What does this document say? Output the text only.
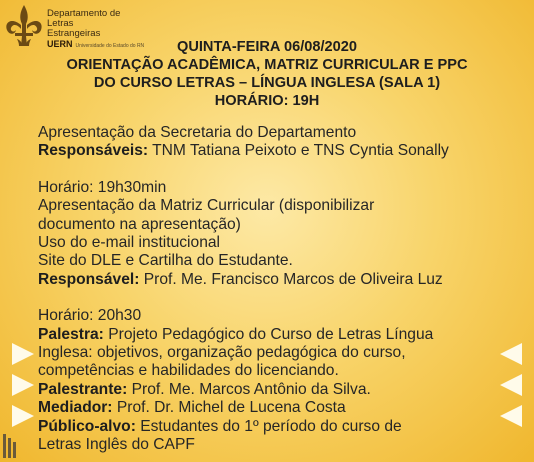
Departamento de
Letras
Estrangeiras
UERN Universidade do Estado do RN	QUINTA-FEIRA 06/08/2020
ORIENTAÇÃO ACADÊMICA, MATRIZ CURRICULAR E PPC
DO CURSO LETRAS – LÍNGUA INGLESA (SALA 1)
HORÁRIO: 19H
Apresentação da Secretaria do Departamento
Responsáveis: TNM Tatiana Peixoto e TNS Cyntia Sonally
Horário: 19h30min
Apresentação da Matriz Curricular (disponibilizar
documento na apresentação)
Uso do e-mail institucional
Site do DLE e Cartilha do Estudante.
Responsável: Prof. Me. Francisco Marcos de Oliveira Luz
Horário: 20h30
Palestra: Projeto Pedagógico do Curso de Letras Língua
Inglesa: objetivos, organização pedagógica do curso,
competências e habilidades do licenciando.
Palestrante: Prof. Me. Marcos Antônio da Silva.
Mediador: Prof. Dr. Michel de Lucena Costa
Público-alvo: Estudantes do 1º período do curso de
Letras Inglês do CAPF
